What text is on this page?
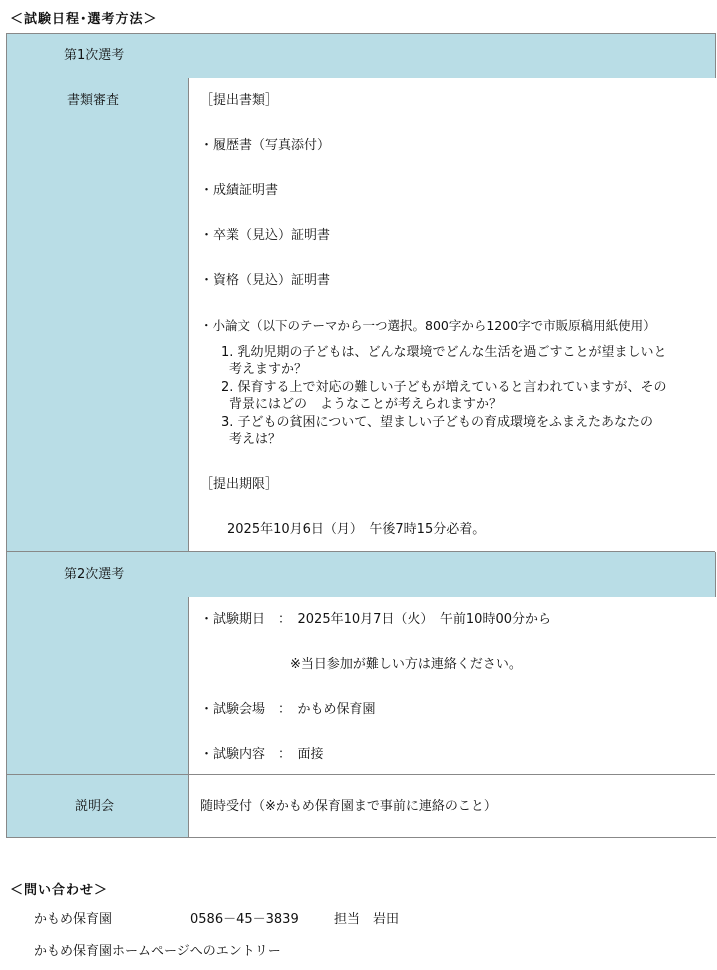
＜試験日程･選考方法＞
第1次選考
書類審査	［提出書類］
・履歴書（写真添付）
・成績証明書
・卒業（見込）証明書
・資格（見込）証明書
・小論文（以下のテーマから一つ選択。800字から1200字で市販原稿用紙使用）
1. 乳幼児期の子どもは、どんな環境でどんな生活を過ごすことが望ましいと
考えますか？
2. 保育する上で対応の難しい子どもが増えていると言われていますが、その
背景にはどの　ようなことが考えられますか？
3. 子どもの貧困について、望ましい子どもの育成環境をふまえたあなたの
考えは？
［提出期限］
2025年10月6日（月）　午後7時15分必着。
第2次選考
・試験期日　：　2025年10月7日（火）　午前10時00分から
※当日参加が難しい方は連絡ください。
・試験会場　：　かもめ保育園
・試験内容　：　面接
説明会	随時受付（※かもめ保育園まで事前に連絡のこと）
＜問い合わせ＞
かもめ保育園	0586－45－3839	担当　岩田
かもめ保育園ホームページへのエントリー
